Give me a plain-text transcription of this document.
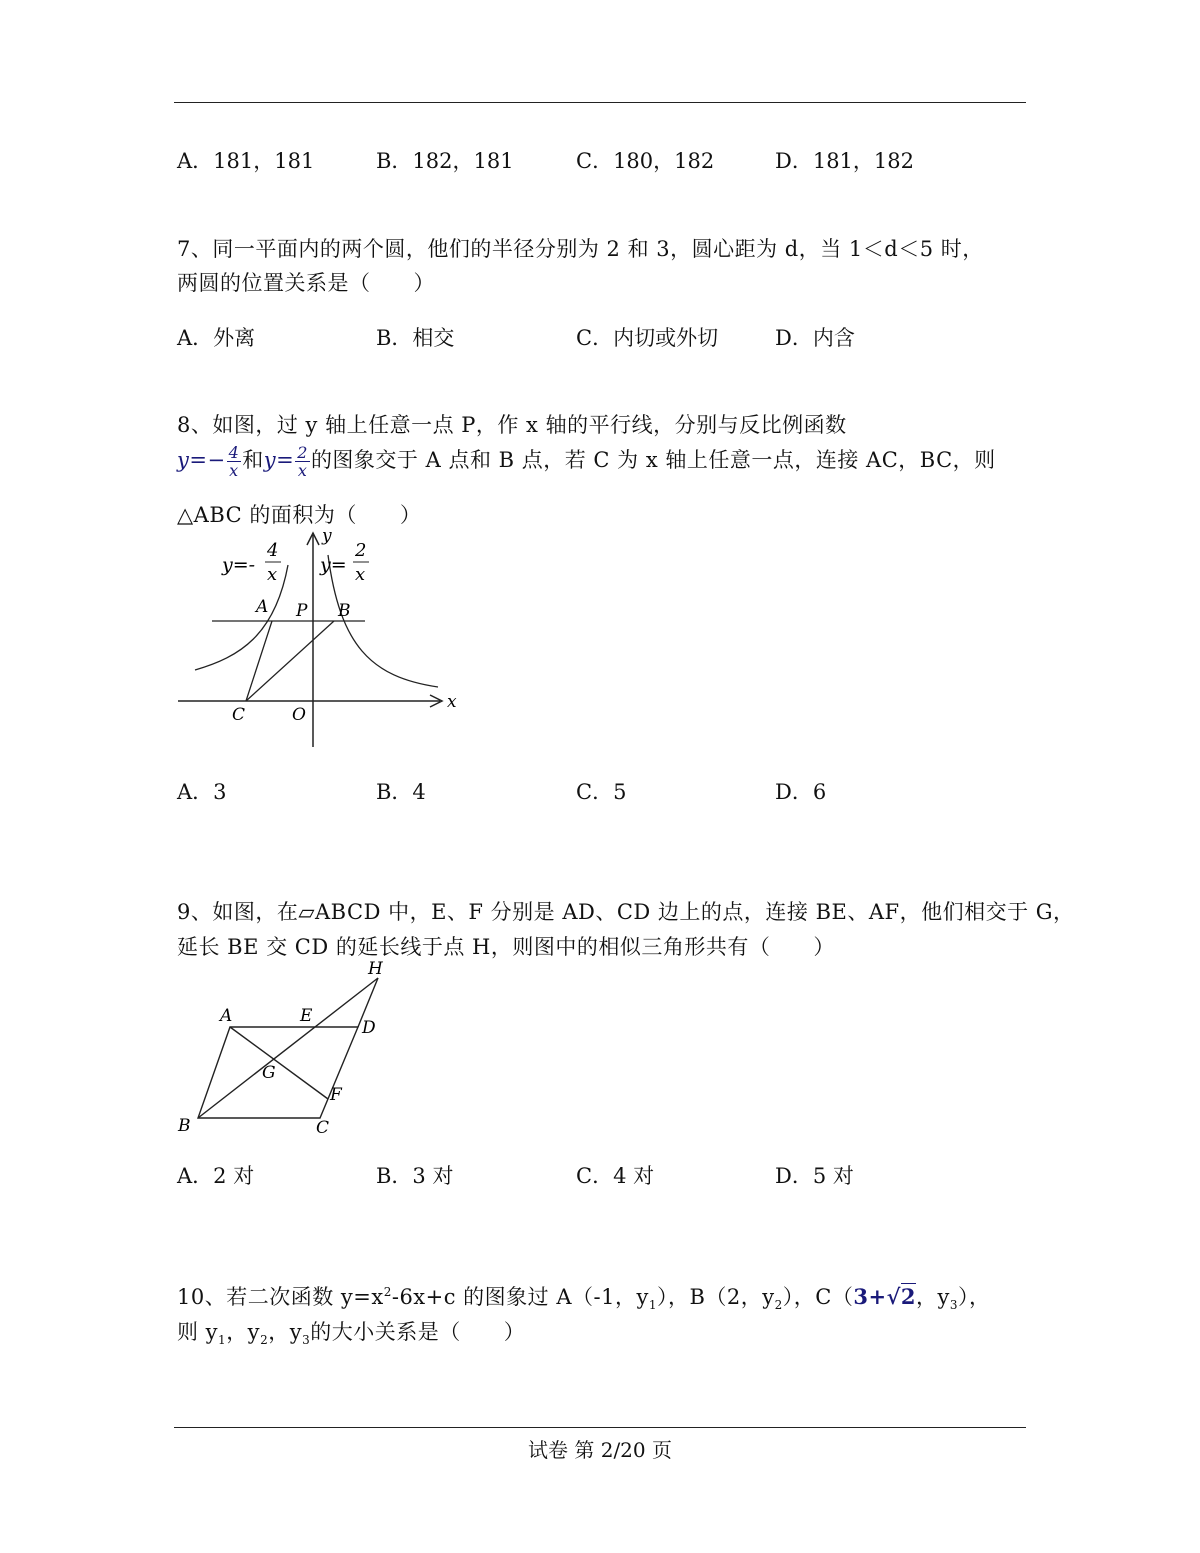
A．181，181	B．182，181	C．180，182	D．181，182
7、同一平面内的两个圆，他们的半径分别为 2 和 3，圆心距为 d，当 1＜d＜5 时，
两圆的位置关系是（　　）
A．外离	B．相交	C．内切或外切	D．内含
8、如图，过 y 轴上任意一点 P，作 x 轴的平行线，分别与反比例函数
$y=- \frac{4}{x}$ 和$y= \frac{2}{x}$ 的图象交于 A 点和 B 点，若 C 为 x 轴上任意一点，连接 AC，BC，则
△ABC 的面积为（　　）
y=-
4
x y=
2
x
A P B
C	O
x
y
A．3	B．4	C．5	D．6
9、如图，在▱ABCD 中，E、F 分别是 AD、CD 边上的点，连接 BE、AF，他们相交于 G，
延长 BE 交 CD 的延长线于点 H，则图中的相似三角形共有（　　）
H
A	E
D
G
F
B	C
A．2 对	B．3 对	C．4 对	D．5 对
10、若二次函数 $y=x^2-6x+c$ 的图象过 A（-1，$y_1$），B（2，$y_2$），C（3+√2，$y_3$），
则 $y_1$，$y_2$，$y_3$的大小关系是（　　）
试卷 第 2/20 页
